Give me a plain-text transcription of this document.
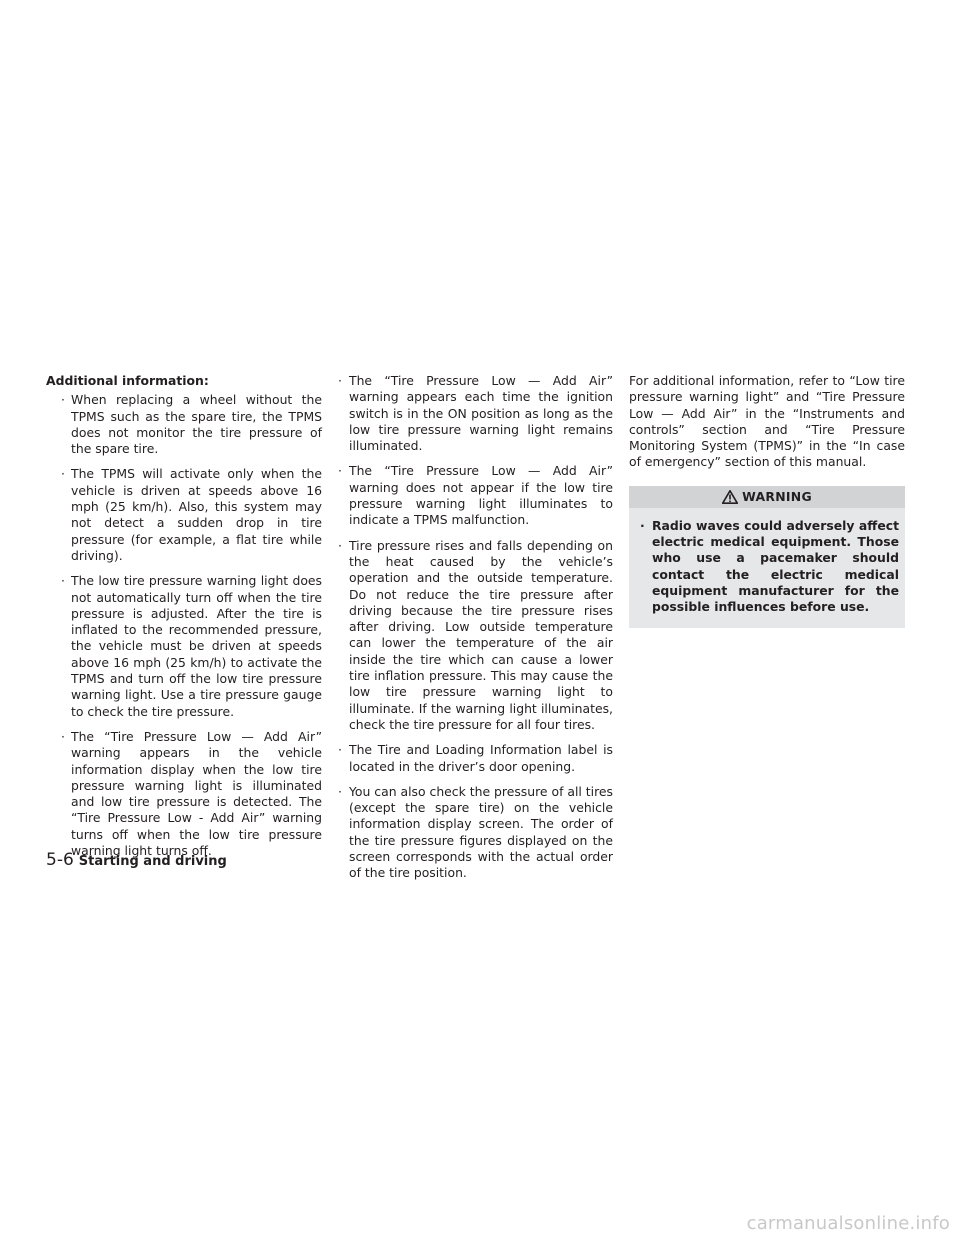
Additional information:

· When replacing a wheel without the TPMS such as the spare tire, the TPMS does not monitor the tire pressure of the spare tire.
· The TPMS will activate only when the vehicle is driven at speeds above 16 mph (25 km/h). Also, this system may not detect a sudden drop in tire pressure (for example, a flat tire while driving).
· The low tire pressure warning light does not automatically turn off when the tire pressure is adjusted. After the tire is inflated to the recommended pressure, the vehicle must be driven at speeds above 16 mph (25 km/h) to activate the TPMS and turn off the low tire pressure warning light. Use a tire pressure gauge to check the tire pressure.
· The “Tire Pressure Low — Add Air” warning appears in the vehicle information display when the low tire pressure warning light is illuminated and low tire pressure is detected. The “Tire Pressure Low - Add Air” warning turns off when the low tire pressure warning light turns off.
· The “Tire Pressure Low — Add Air” warning appears each time the ignition switch is in the ON position as long as the low tire pressure warning light remains illuminated.
· The “Tire Pressure Low — Add Air” warning does not appear if the low tire pressure warning light illuminates to indicate a TPMS malfunction.
· Tire pressure rises and falls depending on the heat caused by the vehicle’s operation and the outside temperature. Do not reduce the tire pressure after driving because the tire pressure rises after driving. Low outside temperature can lower the temperature of the air inside the tire which can cause a lower tire inflation pressure. This may cause the low tire pressure warning light to illuminate. If the warning light illuminates, check the tire pressure for all four tires.
· The Tire and Loading Information label is located in the driver’s door opening.
· You can also check the pressure of all tires (except the spare tire) on the vehicle information display screen. The order of the tire pressure figures displayed on the screen corresponds with the actual order of the tire position.

For additional information, refer to “Low tire pressure warning light” and “Tire Pressure Low — Add Air” in the “Instruments and controls” section and “Tire Pressure Monitoring System (TPMS)” in the “In case of emergency” section of this manual.

WARNING
· Radio waves could adversely affect electric medical equipment. Those who use a pacemaker should contact the electric medical equipment manufacturer for the possible influences before use.
5-6 Starting and driving
carmanualsonline.info
